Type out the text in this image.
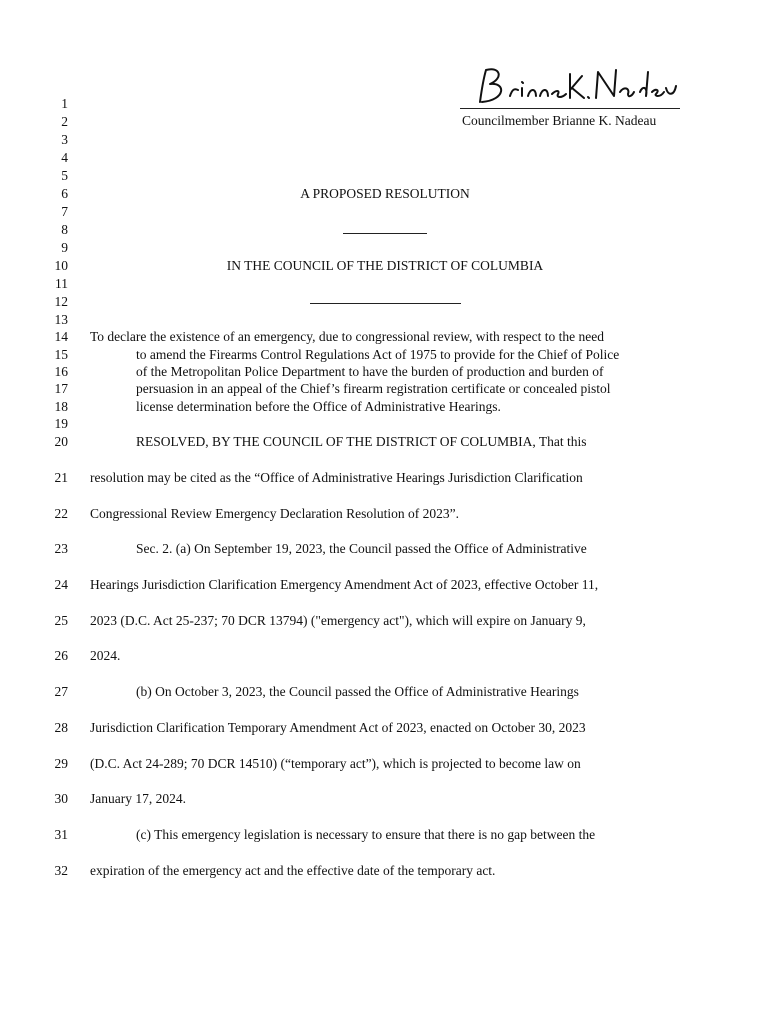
Councilmember Brianne K. Nadeau
1
2
3
4
5
6
7
8
9
10
11
12
13
14
15
16
17
18
19
20
21
22
23
24
25
26
27
28
29
30
31
32
A PROPOSED RESOLUTION
IN THE COUNCIL OF THE DISTRICT OF COLUMBIA
To declare the existence of an emergency, due to congressional review, with respect to the need
to amend the Firearms Control Regulations Act of 1975 to provide for the Chief of Police
of the Metropolitan Police Department to have the burden of production and burden of
persuasion in an appeal of the Chief’s firearm registration certificate or concealed pistol
license determination before the Office of Administrative Hearings.
RESOLVED, BY THE COUNCIL OF THE DISTRICT OF COLUMBIA, That this
resolution may be cited as the “Office of Administrative Hearings Jurisdiction Clarification
Congressional Review Emergency Declaration Resolution of 2023”.
Sec. 2. (a) On September 19, 2023, the Council passed the Office of Administrative
Hearings Jurisdiction Clarification Emergency Amendment Act of 2023, effective October 11,
2023 (D.C. Act 25-237; 70 DCR 13794) ("emergency act"), which will expire on January 9,
2024.
(b) On October 3, 2023, the Council passed the Office of Administrative Hearings
Jurisdiction Clarification Temporary Amendment Act of 2023, enacted on October 30, 2023
(D.C. Act 24-289; 70 DCR 14510) (“temporary act”), which is projected to become law on
January 17, 2024.
(c) This emergency legislation is necessary to ensure that there is no gap between the
expiration of the emergency act and the effective date of the temporary act.
